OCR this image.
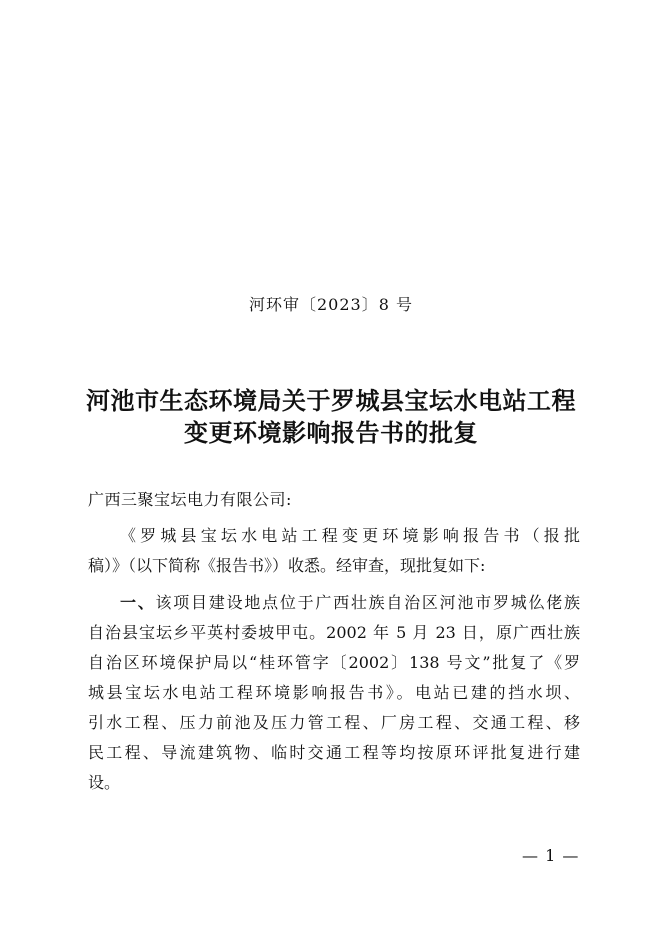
河环审〔2023〕8 号
河池市生态环境局关于罗城县宝坛水电站工程
变更环境影响报告书的批复
广西三聚宝坛电力有限公司:
《罗城县宝坛水电站工程变更环境影响报告书（报批
稿）》（以下简称《报告书》）收悉。经审查，现批复如下:
一、该项目建设地点位于广西壮族自治区河池市罗城仫佬族
自治县宝坛乡平英村委坡甲屯。2002 年 5 月 23 日，原广西壮族
自治区环境保护局以“桂环管字〔2002〕138 号文”批复了《罗
城县宝坛水电站工程环境影响报告书》。电站已建的挡水坝、
引水工程、压力前池及压力管工程、厂房工程、交通工程、移
民工程、导流建筑物、临时交通工程等均按原环评批复进行建
设。
— 1 —
